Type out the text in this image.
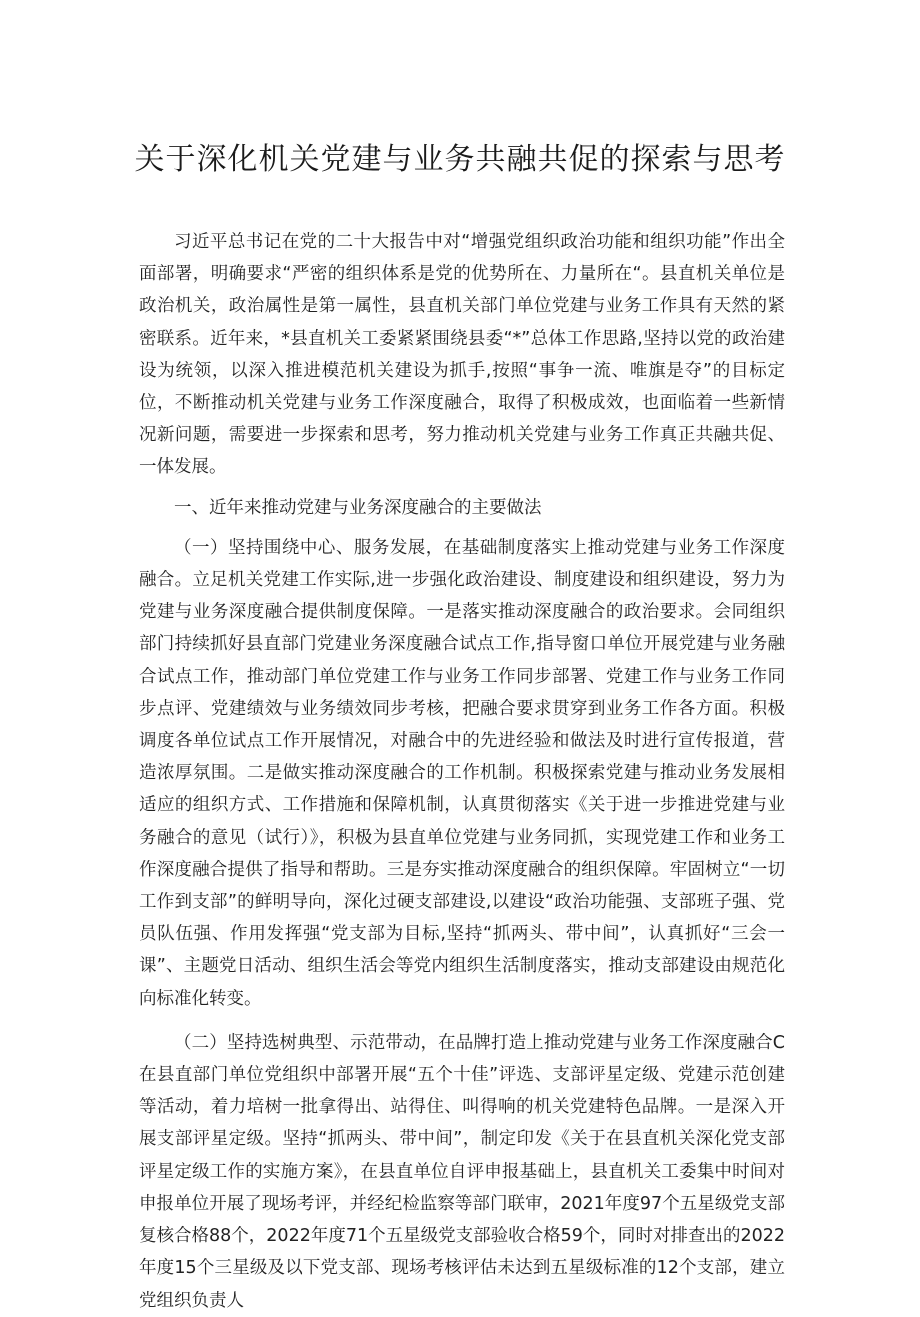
关于深化机关党建与业务共融共促的探索与思考

习近平总书记在党的二十大报告中对“增强党组织政治功能和组织功能”作出全面部署，明确要求“严密的组织体系是党的优势所在、力量所在“。县直机关单位是政治机关，政治属性是第一属性，县直机关部门单位党建与业务工作具有天然的紧密联系。近年来，*县直机关工委紧紧围绕县委“*”总体工作思路,坚持以党的政治建设为统领，以深入推进模范机关建设为抓手,按照“事争一流、唯旗是夺”的目标定位，不断推动机关党建与业务工作深度融合，取得了积极成效，也面临着一些新情况新问题，需要进一步探索和思考，努力推动机关党建与业务工作真正共融共促、一体发展。

一、近年来推动党建与业务深度融合的主要做法

（一）坚持围绕中心、服务发展，在基础制度落实上推动党建与业务工作深度融合。立足机关党建工作实际,进一步强化政治建设、制度建设和组织建设，努力为党建与业务深度融合提供制度保障。一是落实推动深度融合的政治要求。会同组织部门持续抓好县直部门党建业务深度融合试点工作,指导窗口单位开展党建与业务融合试点工作，推动部门单位党建工作与业务工作同步部署、党建工作与业务工作同步点评、党建绩效与业务绩效同步考核，把融合要求贯穿到业务工作各方面。积极调度各单位试点工作开展情况，对融合中的先进经验和做法及时进行宣传报道，营造浓厚氛围。二是做实推动深度融合的工作机制。积极探索党建与推动业务发展相适应的组织方式、工作措施和保障机制，认真贯彻落实《关于进一步推进党建与业务融合的意见（试行）》，积极为县直单位党建与业务同抓，实现党建工作和业务工作深度融合提供了指导和帮助。三是夯实推动深度融合的组织保障。牢固树立“一切工作到支部”的鲜明导向，深化过硬支部建设,以建设“政治功能强、支部班子强、党员队伍强、作用发挥强“党支部为目标,坚持“抓两头、带中间”，认真抓好“三会一课”、主题党日活动、组织生活会等党内组织生活制度落实，推动支部建设由规范化向标准化转变。

（二）坚持选树典型、示范带动，在品牌打造上推动党建与业务工作深度融合C在县直部门单位党组织中部署开展“五个十佳”评选、支部评星定级、党建示范创建等活动，着力培树一批拿得出、站得住、叫得响的机关党建特色品牌。一是深入开展支部评星定级。坚持“抓两头、带中间”，制定印发《关于在县直机关深化党支部评星定级工作的实施方案》，在县直单位自评申报基础上，县直机关工委集中时间对申报单位开展了现场考评，并经纪检监察等部门联审，2021年度97个五星级党支部复核合格88个，2022年度71个五星级党支部验收合格59个，同时对排查出的2022年度15个三星级及以下党支部、现场考核评估未达到五星级标准的12个支部，建立党组织负责人
